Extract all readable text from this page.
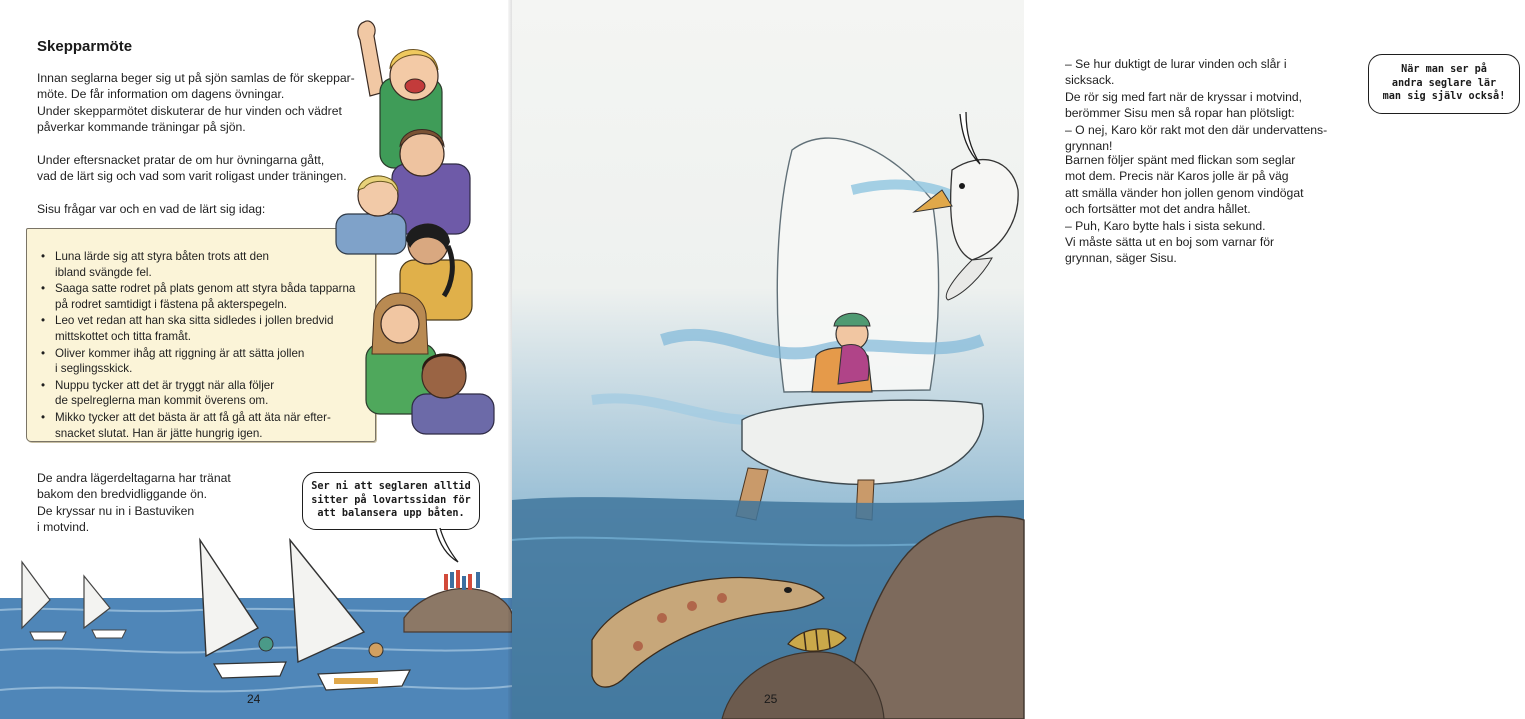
Skepparmöte

Innan seglarna beger sig ut på sjön samlas de för skeppar-
möte. De får information om dagens övningar.
Under skepparmötet diskuterar de hur vinden och vädret
påverkar kommande träningar på sjön.

Under eftersnacket pratar de om hur övningarna gått,
vad de lärt sig och vad som varit roligast under träningen.

Sisu frågar var och en vad de lärt sig idag:

• Luna lärde sig att styra båten trots att den
ibland svängde fel.
• Saaga satte rodret på plats genom att styra båda tapparna
på rodret samtidigt i fästena på akterspegeln.
• Leo vet redan att han ska sitta sidledes i jollen bredvid
mittskottet och titta framåt.
• Oliver kommer ihåg att riggning är att sätta jollen
i seglingsskick.
• Nuppu tycker att det är tryggt när alla följer
de spelreglerna man kommit överens om.
• Mikko tycker att det bästa är att få gå att äta när efter-
snacket slutat. Han är jätte hungrig igen.

De andra lägerdeltagarna har tränat
bakom den bredvidliggande ön.
De kryssar nu in i Bastuviken
i motvind.

Ser ni att seglaren alltid
sitter på lovartssidan för
att balansera upp båten.
24

– Se hur duktigt de lurar vinden och slår i sicksack.
De rör sig med fart när de kryssar i motvind,
berömmer Sisu men så ropar han plötsligt:
– O nej, Karo kör rakt mot den där undervattens-
grynnan!

Barnen följer spänt med flickan som seglar
mot dem. Precis när Karos jolle är på väg
att smälla vänder hon jollen genom vindögat
och fortsätter mot det andra hållet.
– Puh, Karo bytte hals i sista sekund.
Vi måste sätta ut en boj som varnar för
grynnan, säger Sisu.

När man ser på
andra seglare lär
man sig själv också!
gädda
abborre

En klippa eller en sten som
ligger under vattnet
eller syns på ytan kallas
grund eller grynna.

25
